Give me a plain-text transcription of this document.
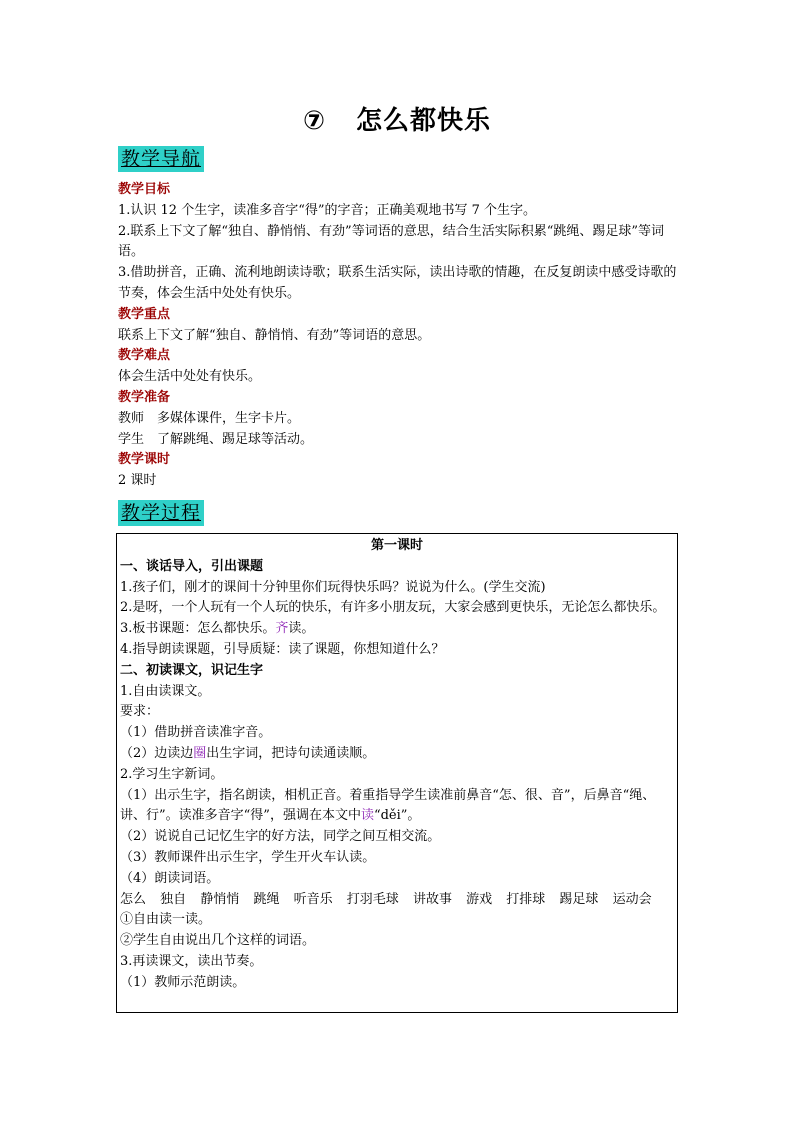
⑦ 怎么都快乐
教学导航

教学目标

1.认识 12 个生字，读准多音字“得”的字音；正确美观地书写 7 个生字。

2.联系上下文了解“独自、静悄悄、有劲”等词语的意思，结合生活实际积累“跳绳、踢足球”等词语。

3.借助拼音，正确、流利地朗读诗歌；联系生活实际，读出诗歌的情趣，在反复朗读中感受诗歌的节奏，体会生活中处处有快乐。

教学重点

联系上下文了解“独自、静悄悄、有劲”等词语的意思。

教学难点

体会生活中处处有快乐。

教学准备

教师　多媒体课件，生字卡片。

学生　了解跳绳、踢足球等活动。

教学课时

2 课时

教学过程

第一课时

一、谈话导入，引出课题

1.孩子们，刚才的课间十分钟里你们玩得快乐吗？说说为什么。(学生交流)

2.是呀，一个人玩有一个人玩的快乐，有许多小朋友玩，大家会感到更快乐，无论怎么都快乐。

3.板书课题：怎么都快乐。齐读。

4.指导朗读课题，引导质疑：读了课题，你想知道什么？

二、初读课文，识记生字

1.自由读课文。

要求：

（1）借助拼音读准字音。

（2）边读边圈出生字词，把诗句读通读顺。

2.学习生字新词。

（1）出示生字，指名朗读，相机正音。着重指导学生读准前鼻音“怎、很、音”，后鼻音“绳、讲、行”。读准多音字“得”，强调在本文中读“děi”。

（2）说说自己记忆生字的好方法，同学之间互相交流。

（3）教师课件出示生字，学生开火车认读。

（4）朗读词语。

怎么 独自 静悄悄 跳绳 听音乐 打羽毛球 讲故事 游戏 打排球 踢足球 运动会

①自由读一读。

②学生自由说出几个这样的词语。

3.再读课文，读出节奏。

（1）教师示范朗读。
